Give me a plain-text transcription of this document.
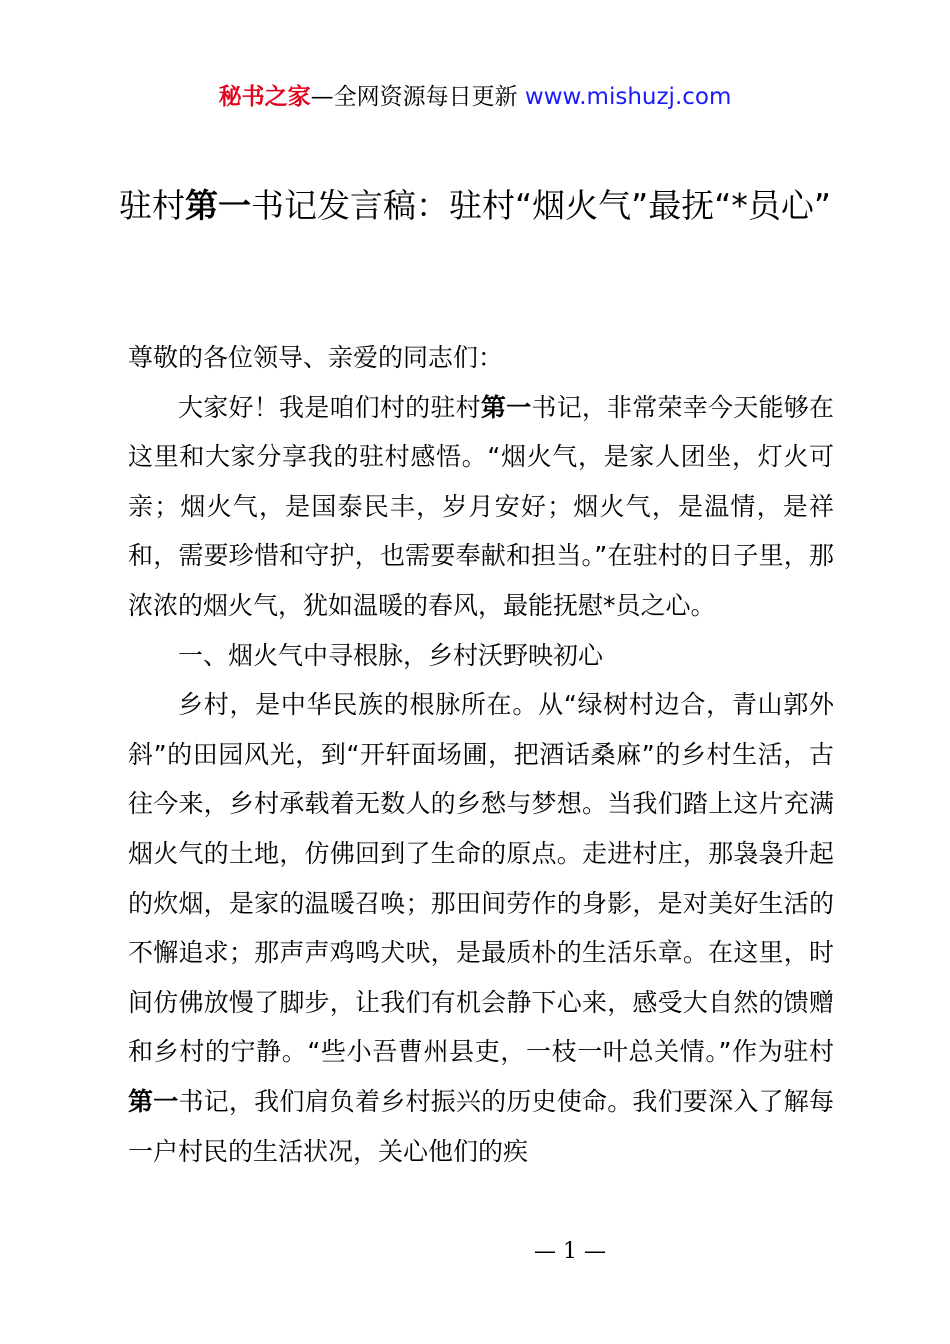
秘书之家—全网资源每日更新 www.mishuzj.com
驻村第一书记发言稿：驻村“烟火气”最抚“*员心”

尊敬的各位领导、亲爱的同志们：

大家好！我是咱们村的驻村第一书记，非常荣幸今天能够在这里和大家分享我的驻村感悟。“烟火气，是家人团坐，灯火可亲；烟火气，是国泰民丰，岁月安好；烟火气，是温情，是祥和，需要珍惜和守护，也需要奉献和担当。”在驻村的日子里，那浓浓的烟火气，犹如温暖的春风，最能抚慰*员之心。

一、烟火气中寻根脉，乡村沃野映初心

乡村，是中华民族的根脉所在。从“绿树村边合，青山郭外斜”的田园风光，到“开轩面场圃，把酒话桑麻”的乡村生活，古往今来，乡村承载着无数人的乡愁与梦想。当我们踏上这片充满烟火气的土地，仿佛回到了生命的原点。走进村庄，那袅袅升起的炊烟，是家的温暖召唤；那田间劳作的身影，是对美好生活的不懈追求；那声声鸡鸣犬吠，是最质朴的生活乐章。在这里，时间仿佛放慢了脚步，让我们有机会静下心来，感受大自然的馈赠和乡村的宁静。“些小吾曹州县吏，一枝一叶总关情。”作为驻村第一书记，我们肩负着乡村振兴的历史使命。我们要深入了解每一户村民的生活状况，关心他们的疾

— 1 —
